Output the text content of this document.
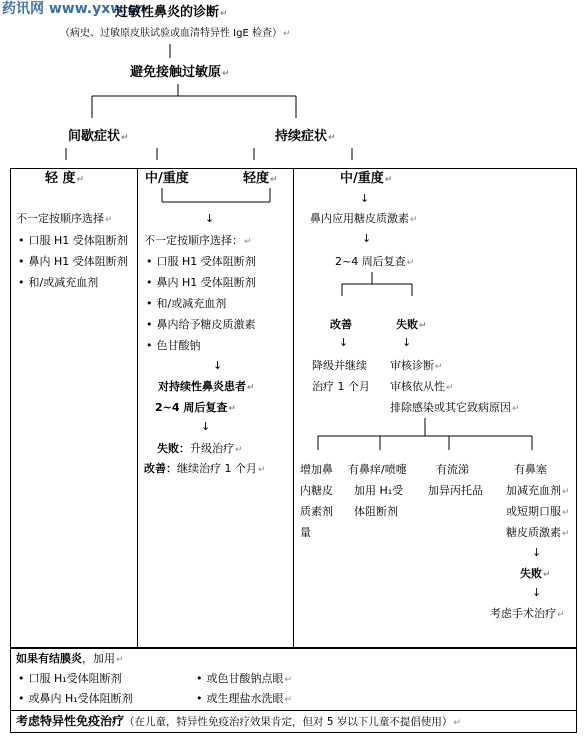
药讯网 www.yxw.cn
过敏性鼻炎的诊断↵
（病史、过敏原皮肤试验或血清特异性 IgE 检查）↵
避免接触过敏原↵
间歇症状↵	持续症状↵
轻 度↵
不一定按顺序选择↵
• 口服 H1 受体阻断剂
• 鼻内 H1 受体阻断剂
• 和/或减充血剂
中/重度	轻度↵
↓
不一定按顺序选择：↵
• 口服 H1 受体阻断剂
• 鼻内 H1 受体阻断剂
• 和/或减充血剂
• 鼻内给予糖皮质激素
• 色甘酸钠
↓
对持续性鼻炎患者↵
2~4 周后复查↵
↓
失败：升级治疗↵
改善：继续治疗 1 个月↵
中/重度↵
↓
鼻内应用糖皮质激素↵
↓
2~4 周后复查↵
改善	失败↵
↓	↓
降级并继续
治疗 1 个月
审核诊断↵
审核依从性↵
排除感染或其它致病原因↵
增加鼻
内糖皮
质素剂
量
有鼻痒/喷嚏
加用 H₁受
体阻断剂
有流涕
加异丙托品
有鼻塞
加减充血剂↵
或短期口服↵
糖皮质激素↵
↓
失败↵
↓
考虑手术治疗↵
如果有结膜炎，加用↵
• 口服 H₁受体阻断剂
• 或鼻内 H₁受体阻断剂
• 或色甘酸钠点眼↵
• 或生理盐水洗眼↵
考虑特异性免疫治疗（在儿童，特异性免疫治疗效果肯定，但对 5 岁以下儿童不提倡使用）↵
